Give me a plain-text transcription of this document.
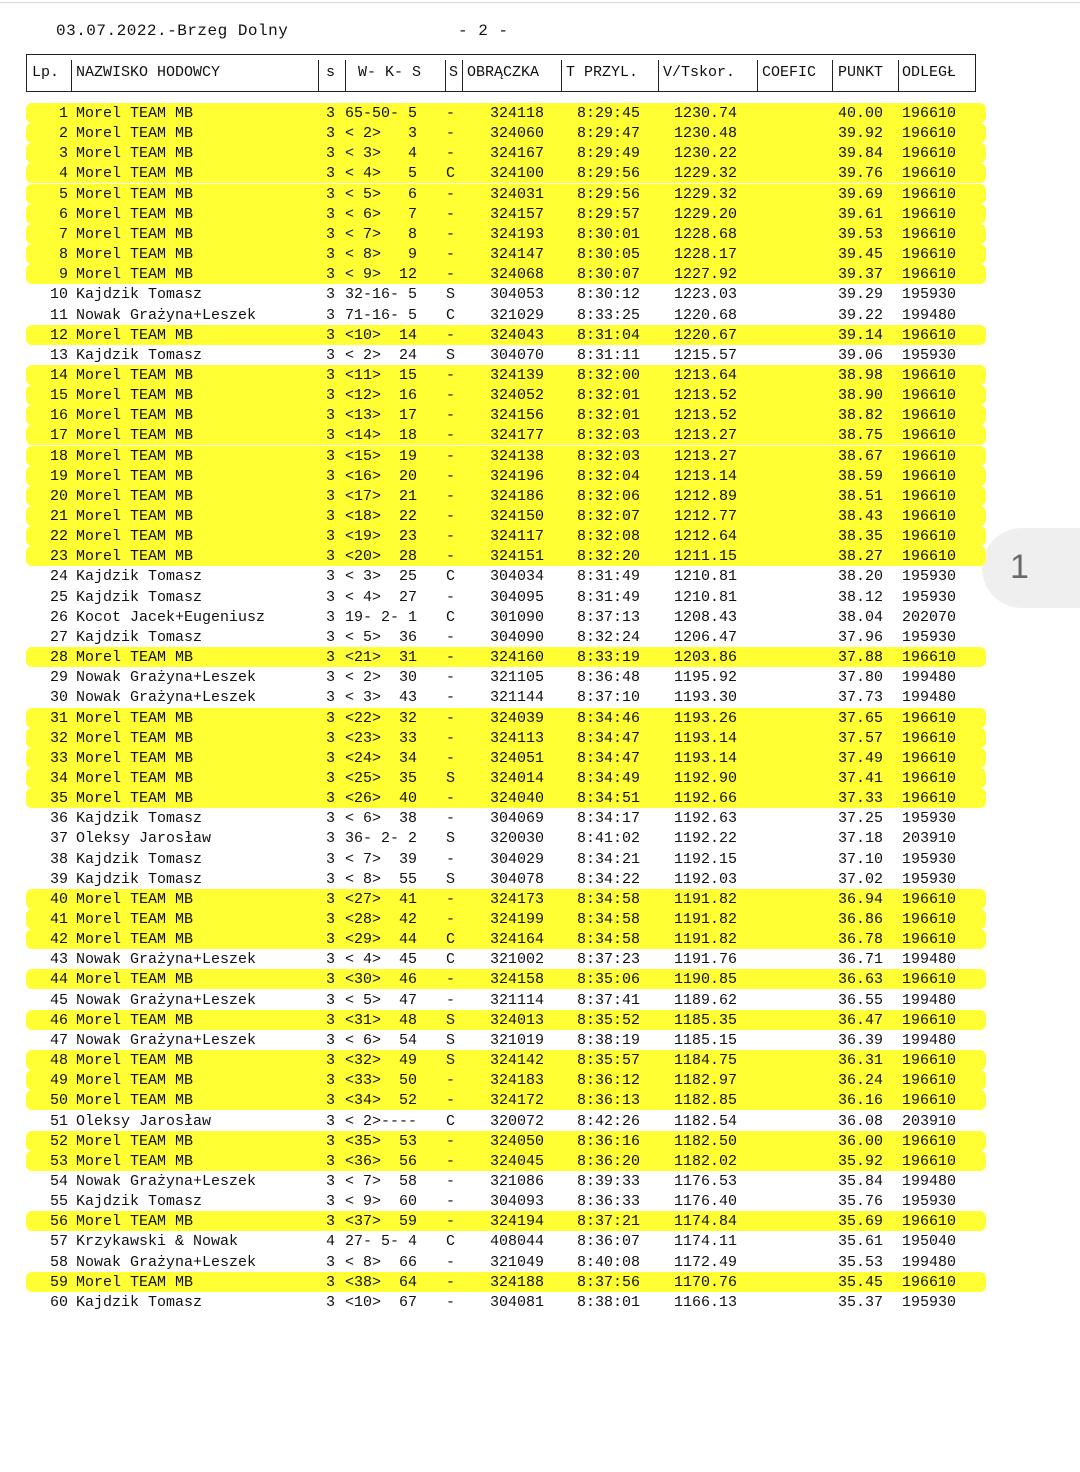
03.07.2022.-Brzeg Dolny	- 2 -
1
Lp. NAZWISKO HODOWCY	s W- K- S S OBRĄCZKA T PRZYL. V/Tskor. COEFIC PUNKT ODLEGŁ
1 Morel TEAM MB	3 65-50- 5 - 324118 8:29:45 1230.74	40.00 196610
2 Morel TEAM MB	3 < 2>   3 - 324060 8:29:47 1230.48	39.92 196610
3 Morel TEAM MB	3 < 3>   4 - 324167 8:29:49 1230.22	39.84 196610
4 Morel TEAM MB	3 < 4>   5 C 324100 8:29:56 1229.32	39.76 196610
5 Morel TEAM MB	3 < 5>   6 - 324031 8:29:56 1229.32	39.69 196610
6 Morel TEAM MB	3 < 6>   7 - 324157 8:29:57 1229.20	39.61 196610
7 Morel TEAM MB	3 < 7>   8 - 324193 8:30:01 1228.68	39.53 196610
8 Morel TEAM MB	3 < 8>   9 - 324147 8:30:05 1228.17	39.45 196610
9 Morel TEAM MB	3 < 9>  12 - 324068 8:30:07 1227.92	39.37 196610
10 Kajdzik Tomasz	3 32-16- 5 S 304053 8:30:12 1223.03	39.29 195930
11 Nowak Grażyna+Leszek	3 71-16- 5 C 321029 8:33:25 1220.68	39.22 199480
12 Morel TEAM MB	3 <10>  14 - 324043 8:31:04 1220.67	39.14 196610
13 Kajdzik Tomasz	3 < 2>  24 S 304070 8:31:11 1215.57	39.06 195930
14 Morel TEAM MB	3 <11>  15 - 324139 8:32:00 1213.64	38.98 196610
15 Morel TEAM MB	3 <12>  16 - 324052 8:32:01 1213.52	38.90 196610
16 Morel TEAM MB	3 <13>  17 - 324156 8:32:01 1213.52	38.82 196610
17 Morel TEAM MB	3 <14>  18 - 324177 8:32:03 1213.27	38.75 196610
18 Morel TEAM MB	3 <15>  19 - 324138 8:32:03 1213.27	38.67 196610
19 Morel TEAM MB	3 <16>  20 - 324196 8:32:04 1213.14	38.59 196610
20 Morel TEAM MB	3 <17>  21 - 324186 8:32:06 1212.89	38.51 196610
21 Morel TEAM MB	3 <18>  22 - 324150 8:32:07 1212.77	38.43 196610
22 Morel TEAM MB	3 <19>  23 - 324117 8:32:08 1212.64	38.35 196610
23 Morel TEAM MB	3 <20>  28 - 324151 8:32:20 1211.15	38.27 196610
24 Kajdzik Tomasz	3 < 3>  25 C 304034 8:31:49 1210.81	38.20 195930
25 Kajdzik Tomasz	3 < 4>  27 - 304095 8:31:49 1210.81	38.12 195930
26 Kocot Jacek+Eugeniusz	3 19- 2- 1 C 301090 8:37:13 1208.43	38.04 202070
27 Kajdzik Tomasz	3 < 5>  36 - 304090 8:32:24 1206.47	37.96 195930
28 Morel TEAM MB	3 <21>  31 - 324160 8:33:19 1203.86	37.88 196610
29 Nowak Grażyna+Leszek	3 < 2>  30 - 321105 8:36:48 1195.92	37.80 199480
30 Nowak Grażyna+Leszek	3 < 3>  43 - 321144 8:37:10 1193.30	37.73 199480
31 Morel TEAM MB	3 <22>  32 - 324039 8:34:46 1193.26	37.65 196610
32 Morel TEAM MB	3 <23>  33 - 324113 8:34:47 1193.14	37.57 196610
33 Morel TEAM MB	3 <24>  34 - 324051 8:34:47 1193.14	37.49 196610
34 Morel TEAM MB	3 <25>  35 S 324014 8:34:49 1192.90	37.41 196610
35 Morel TEAM MB	3 <26>  40 - 324040 8:34:51 1192.66	37.33 196610
36 Kajdzik Tomasz	3 < 6>  38 - 304069 8:34:17 1192.63	37.25 195930
37 Oleksy Jarosław	3 36- 2- 2 S 320030 8:41:02 1192.22	37.18 203910
38 Kajdzik Tomasz	3 < 7>  39 - 304029 8:34:21 1192.15	37.10 195930
39 Kajdzik Tomasz	3 < 8>  55 S 304078 8:34:22 1192.03	37.02 195930
40 Morel TEAM MB	3 <27>  41 - 324173 8:34:58 1191.82	36.94 196610
41 Morel TEAM MB	3 <28>  42 - 324199 8:34:58 1191.82	36.86 196610
42 Morel TEAM MB	3 <29>  44 C 324164 8:34:58 1191.82	36.78 196610
43 Nowak Grażyna+Leszek	3 < 4>  45 C 321002 8:37:23 1191.76	36.71 199480
44 Morel TEAM MB	3 <30>  46 - 324158 8:35:06 1190.85	36.63 196610
45 Nowak Grażyna+Leszek	3 < 5>  47 - 321114 8:37:41 1189.62	36.55 199480
46 Morel TEAM MB	3 <31>  48 S 324013 8:35:52 1185.35	36.47 196610
47 Nowak Grażyna+Leszek	3 < 6>  54 S 321019 8:38:19 1185.15	36.39 199480
48 Morel TEAM MB	3 <32>  49 S 324142 8:35:57 1184.75	36.31 196610
49 Morel TEAM MB	3 <33>  50 - 324183 8:36:12 1182.97	36.24 196610
50 Morel TEAM MB	3 <34>  52 - 324172 8:36:13 1182.85	36.16 196610
51 Oleksy Jarosław	3 < 2>---- C 320072 8:42:26 1182.54	36.08 203910
52 Morel TEAM MB	3 <35>  53 - 324050 8:36:16 1182.50	36.00 196610
53 Morel TEAM MB	3 <36>  56 - 324045 8:36:20 1182.02	35.92 196610
54 Nowak Grażyna+Leszek	3 < 7>  58 - 321086 8:39:33 1176.53	35.84 199480
55 Kajdzik Tomasz	3 < 9>  60 - 304093 8:36:33 1176.40	35.76 195930
56 Morel TEAM MB	3 <37>  59 - 324194 8:37:21 1174.84	35.69 196610
57 Krzykawski & Nowak	4 27- 5- 4 C 408044 8:36:07 1174.11	35.61 195040
58 Nowak Grażyna+Leszek	3 < 8>  66 - 321049 8:40:08 1172.49	35.53 199480
59 Morel TEAM MB	3 <38>  64 - 324188 8:37:56 1170.76	35.45 196610
60 Kajdzik Tomasz	3 <10>  67 - 304081 8:38:01 1166.13	35.37 195930
